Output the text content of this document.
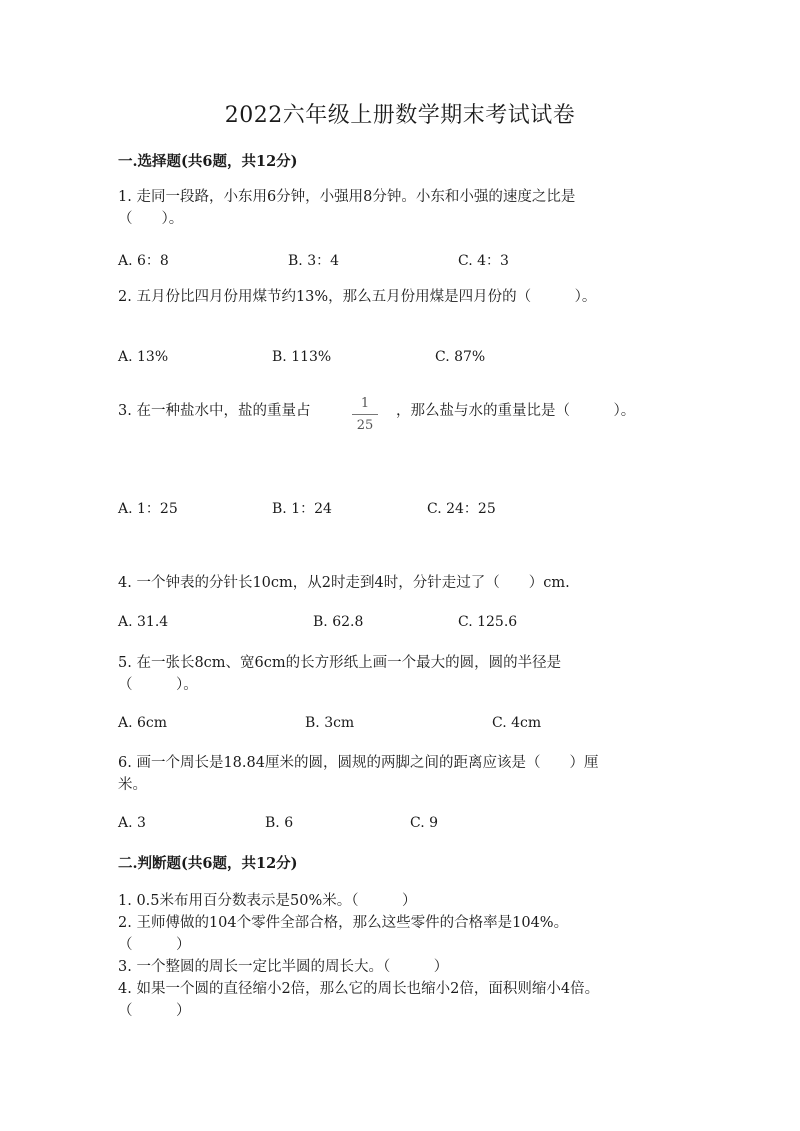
2022六年级上册数学期末考试试卷
一.选择题(共6题，共12分)
1. 走同一段路，小东用6分钟，小强用8分钟。小东和小强的速度之比是
（　　）。
A. 6：8	B. 3：4	C. 4：3
2. 五月份比四月份用煤节约13%，那么五月份用煤是四月份的（　　　）。
A. 13%	B. 113%	C. 87%
3. 在一种盐水中，盐的重量占	1
25
，那么盐与水的重量比是（　　　）。
A. 1：25	B. 1：24	C. 24：25
4. 一个钟表的分针长10cm，从2时走到4时，分针走过了（　　）cm.
A. 31.4	B. 62.8	C. 125.6
5. 在一张长8cm、宽6cm的长方形纸上画一个最大的圆，圆的半径是
（　　　）。
A. 6cm	B. 3cm	C. 4cm
6. 画一个周长是18.84厘米的圆，圆规的两脚之间的距离应该是（　　）厘
米。
A. 3	B. 6	C. 9
二.判断题(共6题，共12分)
1. 0.5米布用百分数表示是50%米。（　　　）
2. 王师傅做的104个零件全部合格，那么这些零件的合格率是104%。
（　　　）
3. 一个整圆的周长一定比半圆的周长大。（　　　）
4. 如果一个圆的直径缩小2倍，那么它的周长也缩小2倍，面积则缩小4倍。
（　　　）
